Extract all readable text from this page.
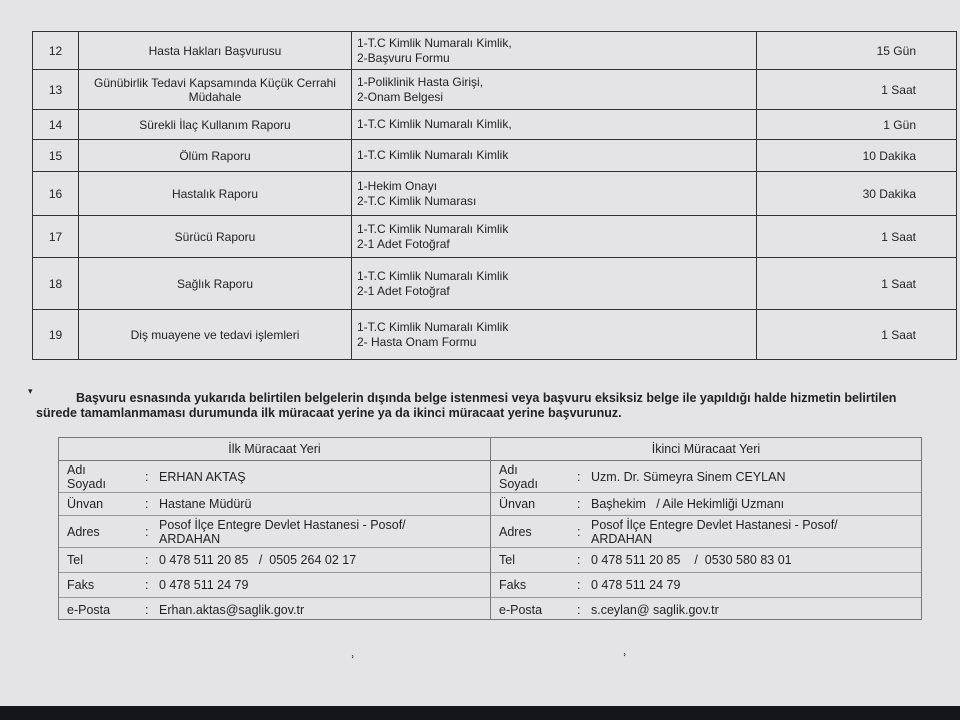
12	Hasta Hakları Başvurusu	1-T.C Kimlik Numaralı Kimlik,
2-Başvuru Formu	15 Gün
13	Günübirlik Tedavi Kapsamında Küçük Cerrahi Müdahale	1-Poliklinik Hasta Girişi,
2-Onam Belgesi	1 Saat
14	Sürekli İlaç Kullanım Raporu	1-T.C Kimlik Numaralı Kimlik,	1 Gün
15	Ölüm Raporu	1-T.C Kimlik Numaralı Kimlik	10 Dakika
16	Hastalık Raporu	1-Hekim Onayı
2-T.C Kimlik Numarası	30 Dakika
17	Sürücü Raporu	1-T.C Kimlik Numaralı Kimlik
2-1 Adet Fotoğraf	1 Saat
18	Sağlık Raporu	1-T.C Kimlik Numaralı Kimlik
2-1 Adet Fotoğraf	1 Saat
19	Diş muayene ve tedavi işlemleri	1-T.C Kimlik Numaralı Kimlik
2- Hasta Onam Formu	1 Saat
▾	Başvuru esnasında yukarıda belirtilen belgelerin dışında belge istenmesi veya başvuru eksiksiz belge ile yapıldığı halde hizmetin belirtilen
sürede tamamlanmaması durumunda ilk müracaat yerine ya da ikinci müracaat yerine başvurunuz.
İlk Müracaat Yeri
Adı Soyadı	: ERHAN AKTAŞ
Ünvan	: Hastane Müdürü
Adres	: Posof İlçe Entegre Devlet Hastanesi - Posof/
ARDAHAN
Tel	: 0 478 511 20 85   /  0505 264 02 17
Faks	: 0 478 511 24 79
e-Posta	: Erhan.aktas@saglik.gov.tr
İkinci Müracaat Yeri
Adı Soyadı	: Uzm. Dr. Sümeyra Sinem CEYLAN
Ünvan	: Başhekim   / Aile Hekimliği Uzmanı
Adres	: Posof İlçe Entegre Devlet Hastanesi - Posof/
ARDAHAN
Tel	: 0 478 511 20 85    /  0530 580 83 01
Faks	: 0 478 511 24 79
e-Posta	: s.ceylan@ saglik.gov.tr
˒	˒
